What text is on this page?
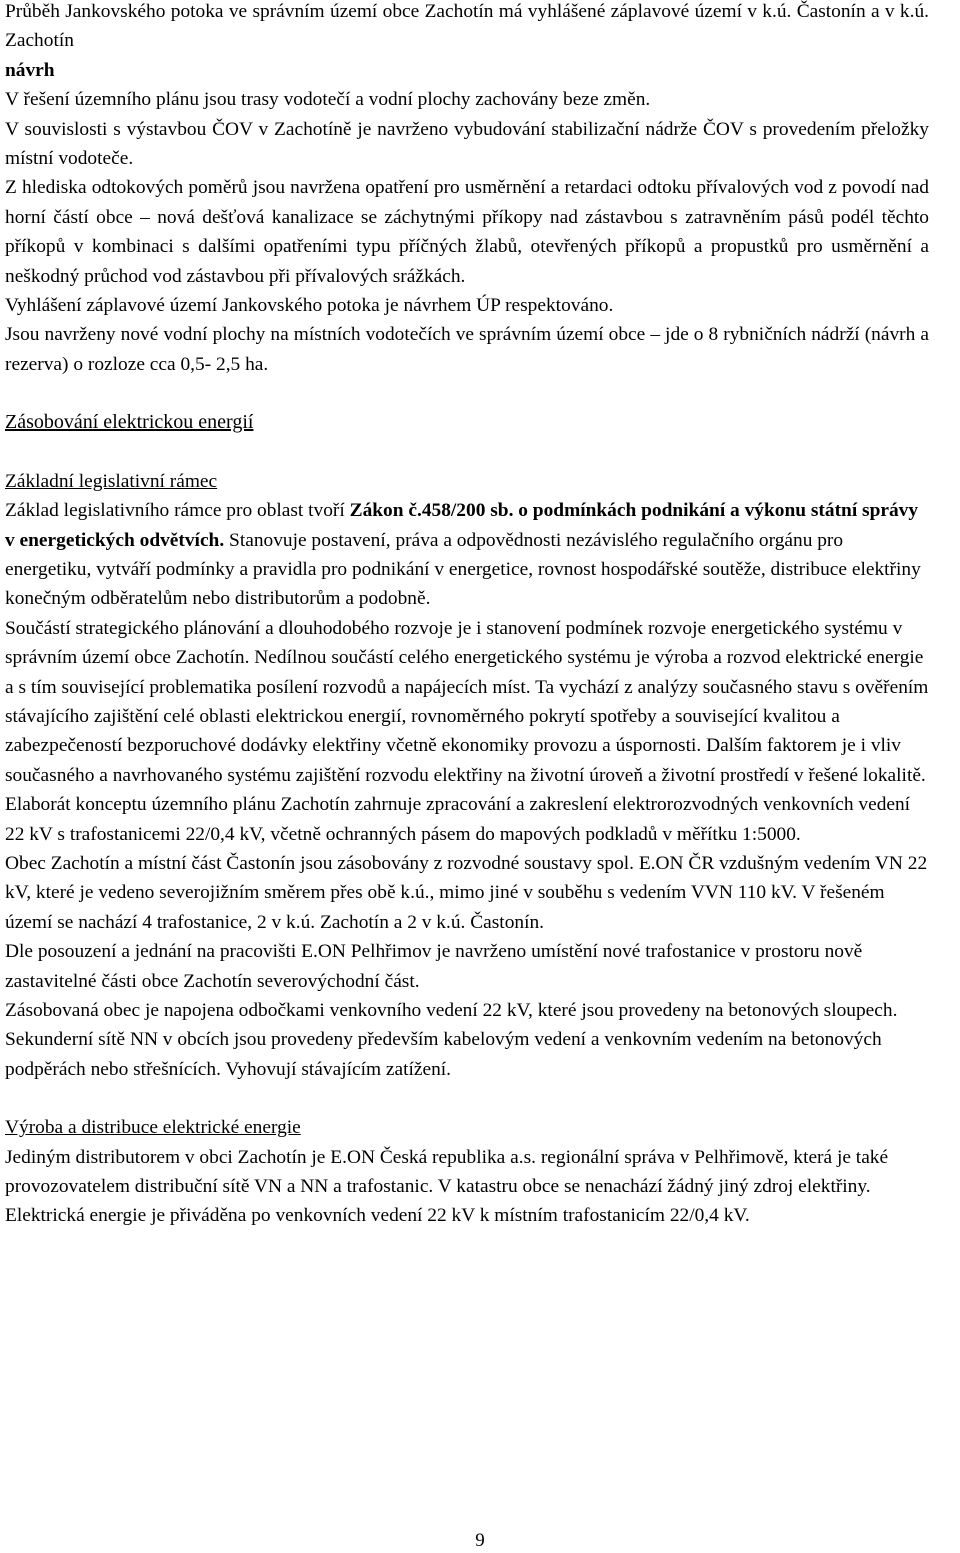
Průběh Jankovského potoka ve správním území obce Zachotín má vyhlášené záplavové území v k.ú. Častonín a v k.ú. Zachotín

návrh

V řešení územního plánu jsou trasy vodotečí a vodní plochy zachovány beze změn.

V souvislosti s výstavbou ČOV v Zachotíně je navrženo vybudování stabilizační nádrže ČOV s provedením přeložky místní vodoteče.

Z hlediska odtokových poměrů jsou navržena opatření pro usměrnění a retardaci odtoku přívalových vod z povodí nad horní částí obce – nová dešťová kanalizace se záchytnými příkopy nad zástavbou s zatravněním pásů podél těchto příkopů v kombinaci s dalšími opatřeními typu příčných žlabů, otevřených příkopů a propustků pro usměrnění a neškodný průchod vod zástavbou při přívalových srážkách.

Vyhlášení záplavové území Jankovského potoka je návrhem ÚP respektováno.

Jsou navrženy nové vodní plochy na místních vodotečích ve správním území obce – jde o 8 rybničních nádrží (návrh a rezerva) o rozloze cca 0,5- 2,5 ha.

Zásobování elektrickou energií

Základní legislativní rámec

Základ legislativního rámce pro oblast tvoří Zákon č.458/200 sb. o podmínkách podnikání a výkonu státní správy v energetických odvětvích. Stanovuje postavení, práva a odpovědnosti nezávislého regulačního orgánu pro energetiku, vytváří podmínky a pravidla pro podnikání v energetice, rovnost hospodářské soutěže, distribuce elektřiny konečným odběratelům nebo distributorům a podobně.

Součástí strategického plánování a dlouhodobého rozvoje je i stanovení podmínek rozvoje energetického systému v správním území obce Zachotín. Nedílnou součástí celého energetického systému je výroba a rozvod elektrické energie a s tím související problematika posílení rozvodů a napájecích míst. Ta vychází z analýzy současného stavu s ověřením stávajícího zajištění celé oblasti elektrickou energií, rovnoměrného pokrytí spotřeby a související kvalitou a zabezpečeností bezporuchové dodávky elektřiny včetně ekonomiky provozu a úspornosti. Dalším faktorem je i vliv současného a navrhovaného systému zajištění rozvodu elektřiny na životní úroveň a životní prostředí v řešené lokalitě.

Elaborát konceptu územního plánu Zachotín zahrnuje zpracování a zakreslení elektrorozvodných venkovních vedení 22 kV s trafostanicemi 22/0,4 kV, včetně ochranných pásem do mapových podkladů v měřítku 1:5000.

Obec Zachotín a místní část Častonín jsou zásobovány z rozvodné soustavy spol. E.ON ČR vzdušným vedením VN 22 kV, které je vedeno severojižním směrem přes obě k.ú., mimo jiné v souběhu s vedením VVN 110 kV. V řešeném území se nachází 4 trafostanice, 2 v k.ú. Zachotín a 2 v k.ú. Častonín.

Dle posouzení a jednání na pracovišti E.ON Pelhřimov je navrženo umístění nové trafostanice v prostoru nově zastavitelné části obce Zachotín severovýchodní část.

Zásobovaná obec je napojena odbočkami venkovního vedení 22 kV, které jsou provedeny na betonových sloupech. Sekunderní sítě NN v obcích jsou provedeny především kabelovým vedení a venkovním vedením na betonových podpěrách nebo střešnících. Vyhovují stávajícím zatížení.

Výroba a distribuce elektrické energie

Jediným distributorem v obci Zachotín je E.ON Česká republika a.s. regionální správa v Pelhřimově, která je také provozovatelem distribuční sítě VN a NN a trafostanic. V katastru obce se nenachází žádný jiný zdroj elektřiny. Elektrická energie je přiváděna po venkovních vedení 22 kV k místním trafostanicím 22/0,4 kV.

9
